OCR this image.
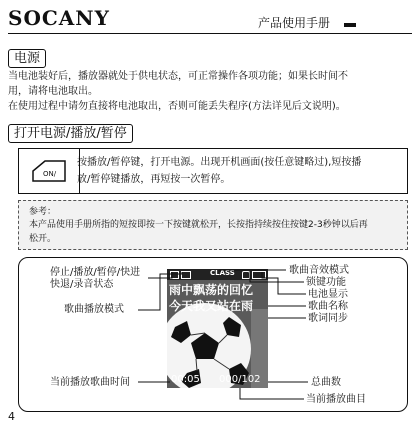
SOCANY	产品使用手册
电源
当电池装好后，播放器就处于供电状态，可正常操作各项功能；如果长时间不
用，请将电池取出。
在使用过程中请勿直接将电池取出，否则可能丢失程序(方法详见后文说明)。
打开电源/播放/暂停
ON/
按播放/暂停键，打开电源。出现开机画面(按任意键略过),短按播
放/暂停键播放，再短按一次暂停。
参考：
本产品使用手册所指的短按即按一下按键就松开，长按指持续按住按键2-3秒钟以后再
松开。
CLASS
雨中飘荡的回忆
今天我又站在雨
00:05 000/102
停止/播放/暂停/快进
快退/录音状态
歌曲播放模式
当前播放歌曲时间
歌曲音效模式
锁键功能
电池显示
歌曲名称
歌词同步
总曲数
当前播放曲目
4
